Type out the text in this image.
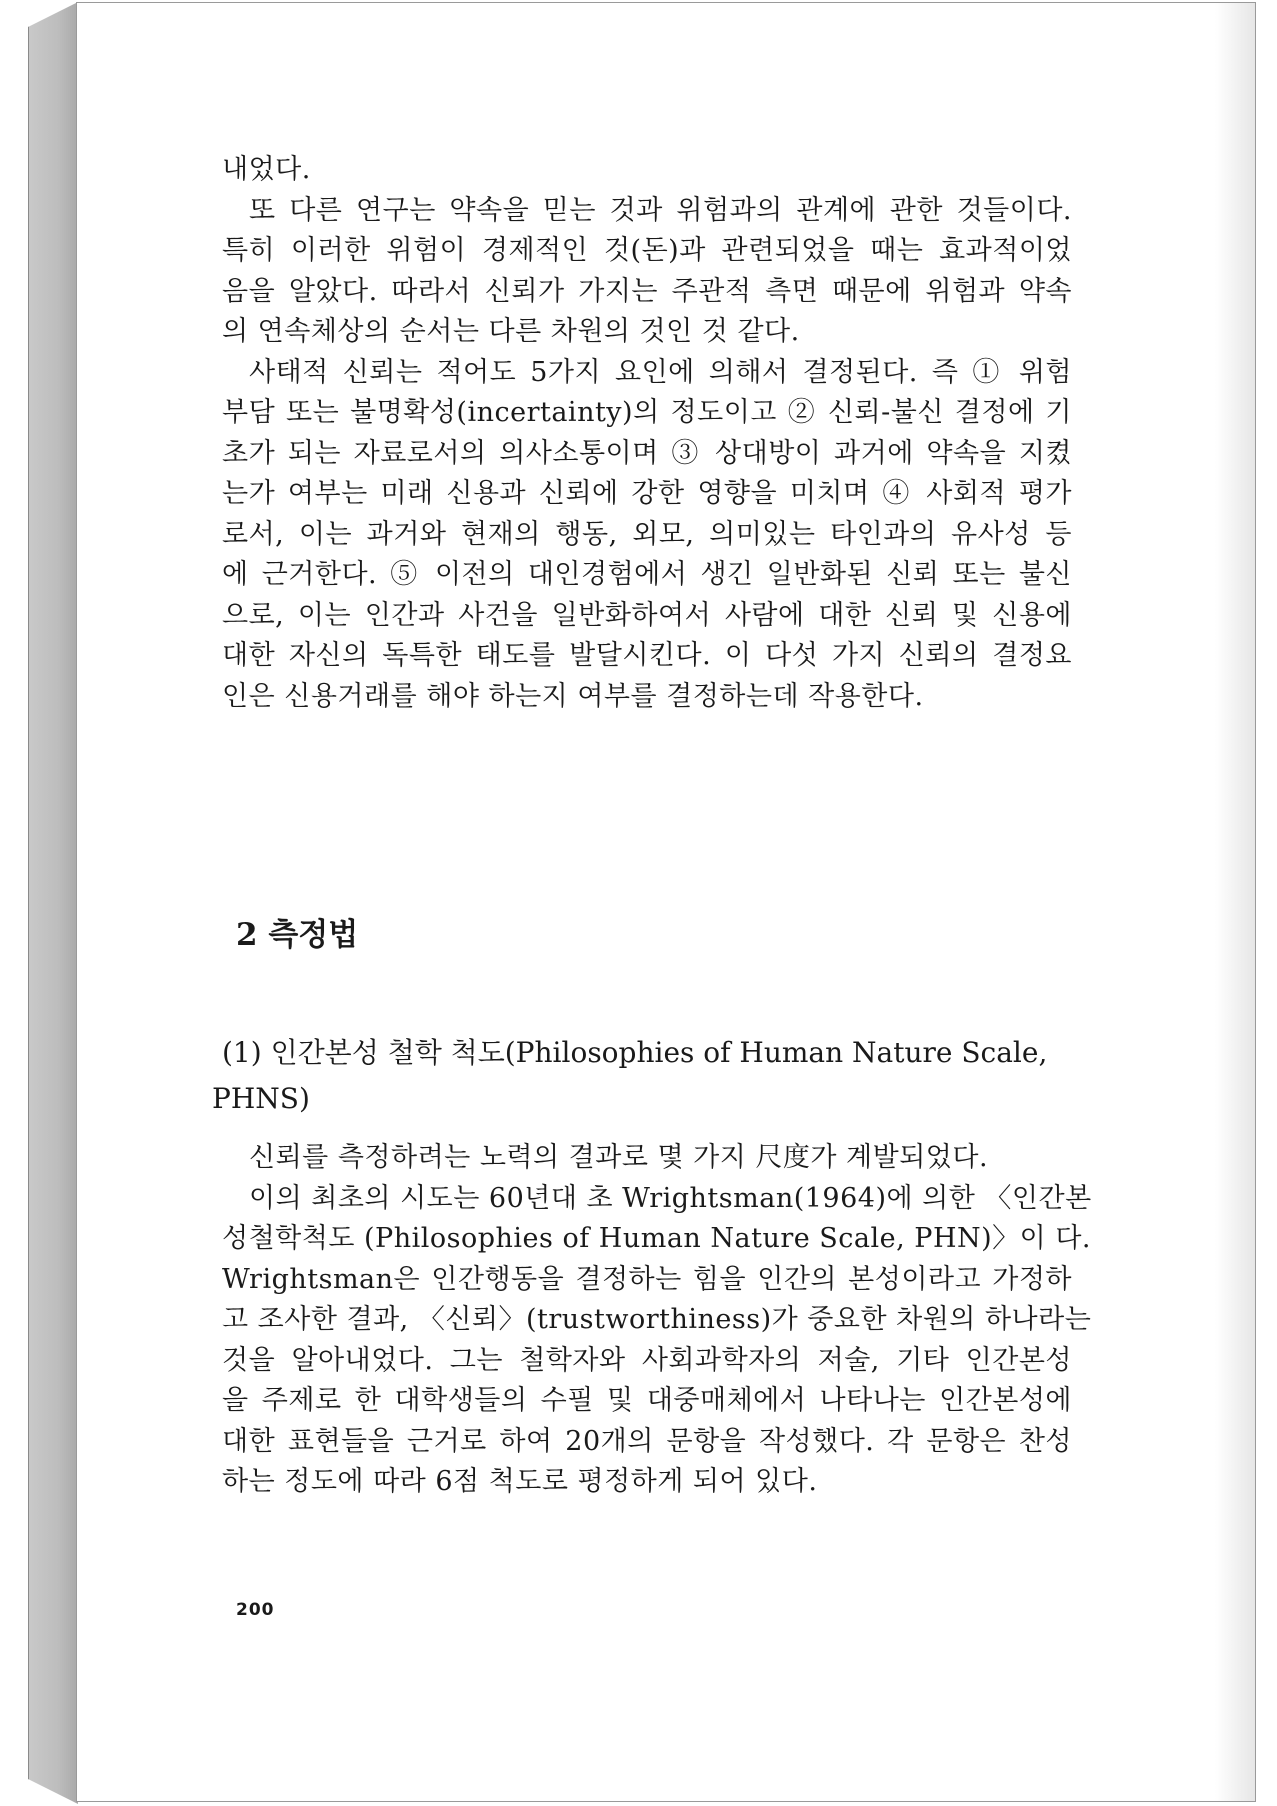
내었다.

또 다른 연구는 약속을 믿는 것과 위험과의 관계에 관한 것들이다.

특히 이러한 위험이 경제적인 것(돈)과 관련되었을 때는 효과적이었

음을 알았다. 따라서 신뢰가 가지는 주관적 측면 때문에 위험과 약속

의 연속체상의 순서는 다른 차원의 것인 것 같다.

사태적 신뢰는 적어도 5가지 요인에 의해서 결정된다. 즉 ① 위험

부담 또는 불명확성(incertainty)의 정도이고 ② 신뢰-불신 결정에 기

초가 되는 자료로서의 의사소통이며 ③ 상대방이 과거에 약속을 지켰

는가 여부는 미래 신용과 신뢰에 강한 영향을 미치며 ④ 사회적 평가

로서, 이는 과거와 현재의 행동, 외모, 의미있는 타인과의 유사성 등

에 근거한다. ⑤ 이전의 대인경험에서 생긴 일반화된 신뢰 또는 불신

으로, 이는 인간과 사건을 일반화하여서 사람에 대한 신뢰 및 신용에

대한 자신의 독특한 태도를 발달시킨다. 이 다섯 가지 신뢰의 결정요

인은 신용거래를 해야 하는지 여부를 결정하는데 작용한다.

2 측정법

(1) 인간본성 철학 척도(Philosophies of Human Nature Scale,

PHNS)

신뢰를 측정하려는 노력의 결과로 몇 가지 尺度가 계발되었다.

이의 최초의 시도는 60년대 초 Wrightsman(1964)에 의한 〈인간본

성철학척도 (Philosophies of Human Nature Scale, PHN)〉이 다.

Wrightsman은 인간행동을 결정하는 힘을 인간의 본성이라고 가정하

고 조사한 결과, 〈신뢰〉(trustworthiness)가 중요한 차원의 하나라는

것을 알아내었다. 그는 철학자와 사회과학자의 저술, 기타 인간본성

을 주제로 한 대학생들의 수필 및 대중매체에서 나타나는 인간본성에

대한 표현들을 근거로 하여 20개의 문항을 작성했다. 각 문항은 찬성

하는 정도에 따라 6점 척도로 평정하게 되어 있다.

200
